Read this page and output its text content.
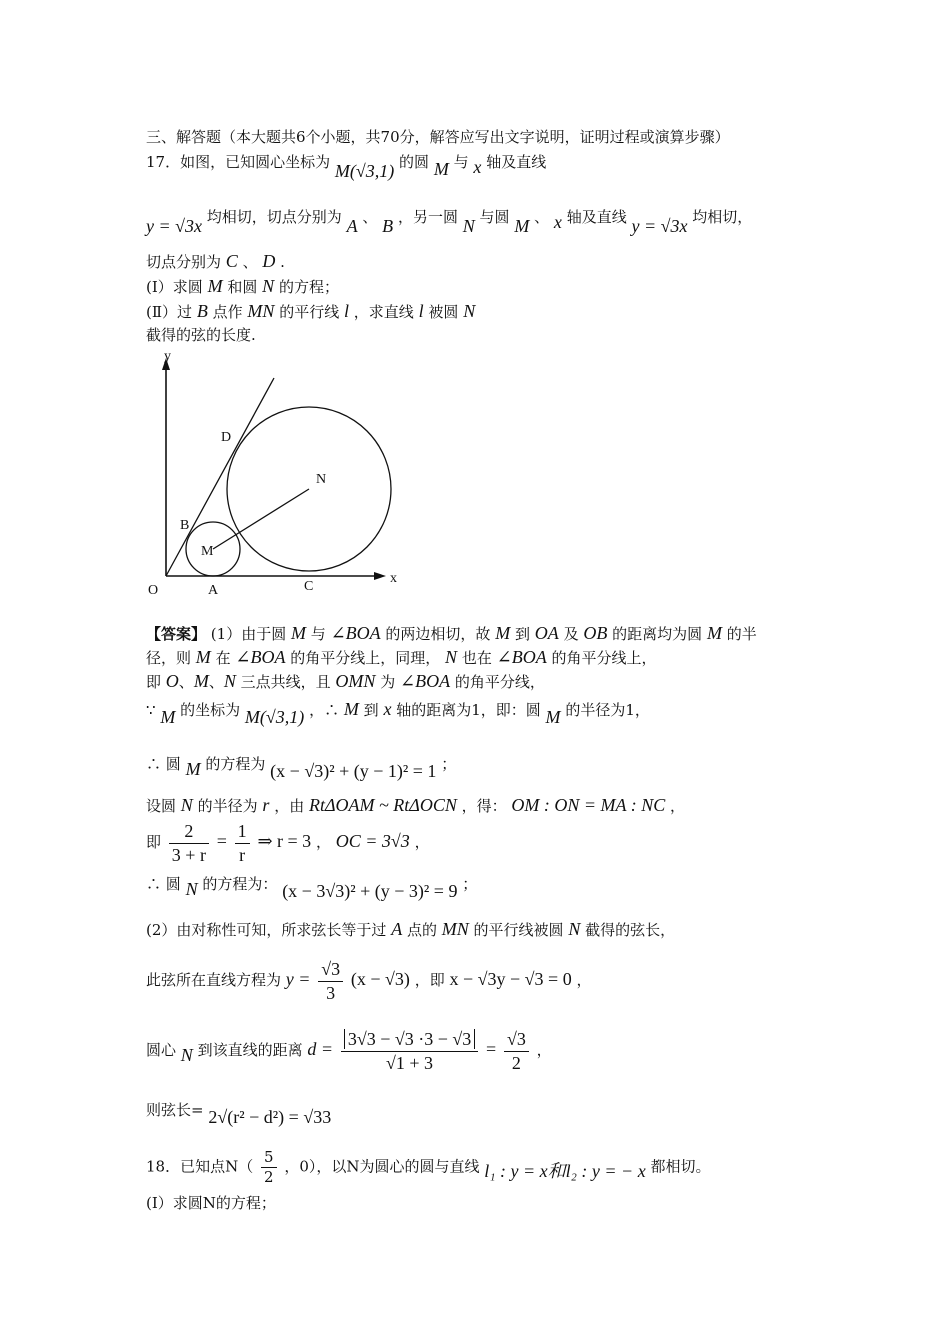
三、解答题（本大题共6个小题，共70分，解答应写出文字说明，证明过程或演算步骤）
17．如图，已知圆心坐标为 M(√3,1) 的圆 M 与 x 轴及直线
y = √3x 均相切，切点分别为 A 、 B ，另一圆 N 与圆 M 、 x 轴及直线 y = √3x 均相切，
切点分别为 C 、 D .
(Ⅰ）求圆 M 和圆 N 的方程；
(Ⅱ）过 B 点作 MN 的平行线 l ，求直线 l 被圆 N
截得的弦的长度.
y
x
O	A	C
B
D
M
N
【答案】 (1）由于圆 M 与 ∠BOA 的两边相切，故 M 到 OA 及 OB 的距离均为圆 M 的半
径，则 M 在 ∠BOA 的角平分线上，同理， N 也在 ∠BOA 的角平分线上，
即 O、M、N 三点共线，且 OMN 为 ∠BOA 的角平分线，
∵ M 的坐标为 M(√3,1) ，∴ M 到 x 轴的距离为1，即：圆 M 的半径为1，
∴ 圆 M 的方程为 (x − √3)² + (y − 1)² = 1 ；
设圆 N 的半径为 r ，由 RtΔOAM ~ RtΔOCN ，得： OM : ON = MA : NC ，
即 $\frac{2}{3 + r} = \frac{1}{r}$ ⇒ r = 3 ， OC = 3√3 ，
∴ 圆 N 的方程为： (x − 3√3)² + (y − 3)² = 9 ；
(2）由对称性可知，所求弦长等于过 A 点的 MN 的平行线被圆 N 截得的弦长，
此弦所在直线方程为 $y = \frac{√3}{3} (x - √3)$ ，即 x − √3y − √3 = 0 ，
圆心 N 到该直线的距离 $d = \frac{3√3 - √3 \cdot 3 - √3}{√1 + 3} = \frac{√3}{2}$ ，
则弦长= 2√(r² − d²) = √33
18．已知点$N( \frac{5}{2}$ ，0），以N为圆心的圆与直线 l₁ : y = x和l₂ : y = − x 都相切。
(Ⅰ）求圆N的方程；
